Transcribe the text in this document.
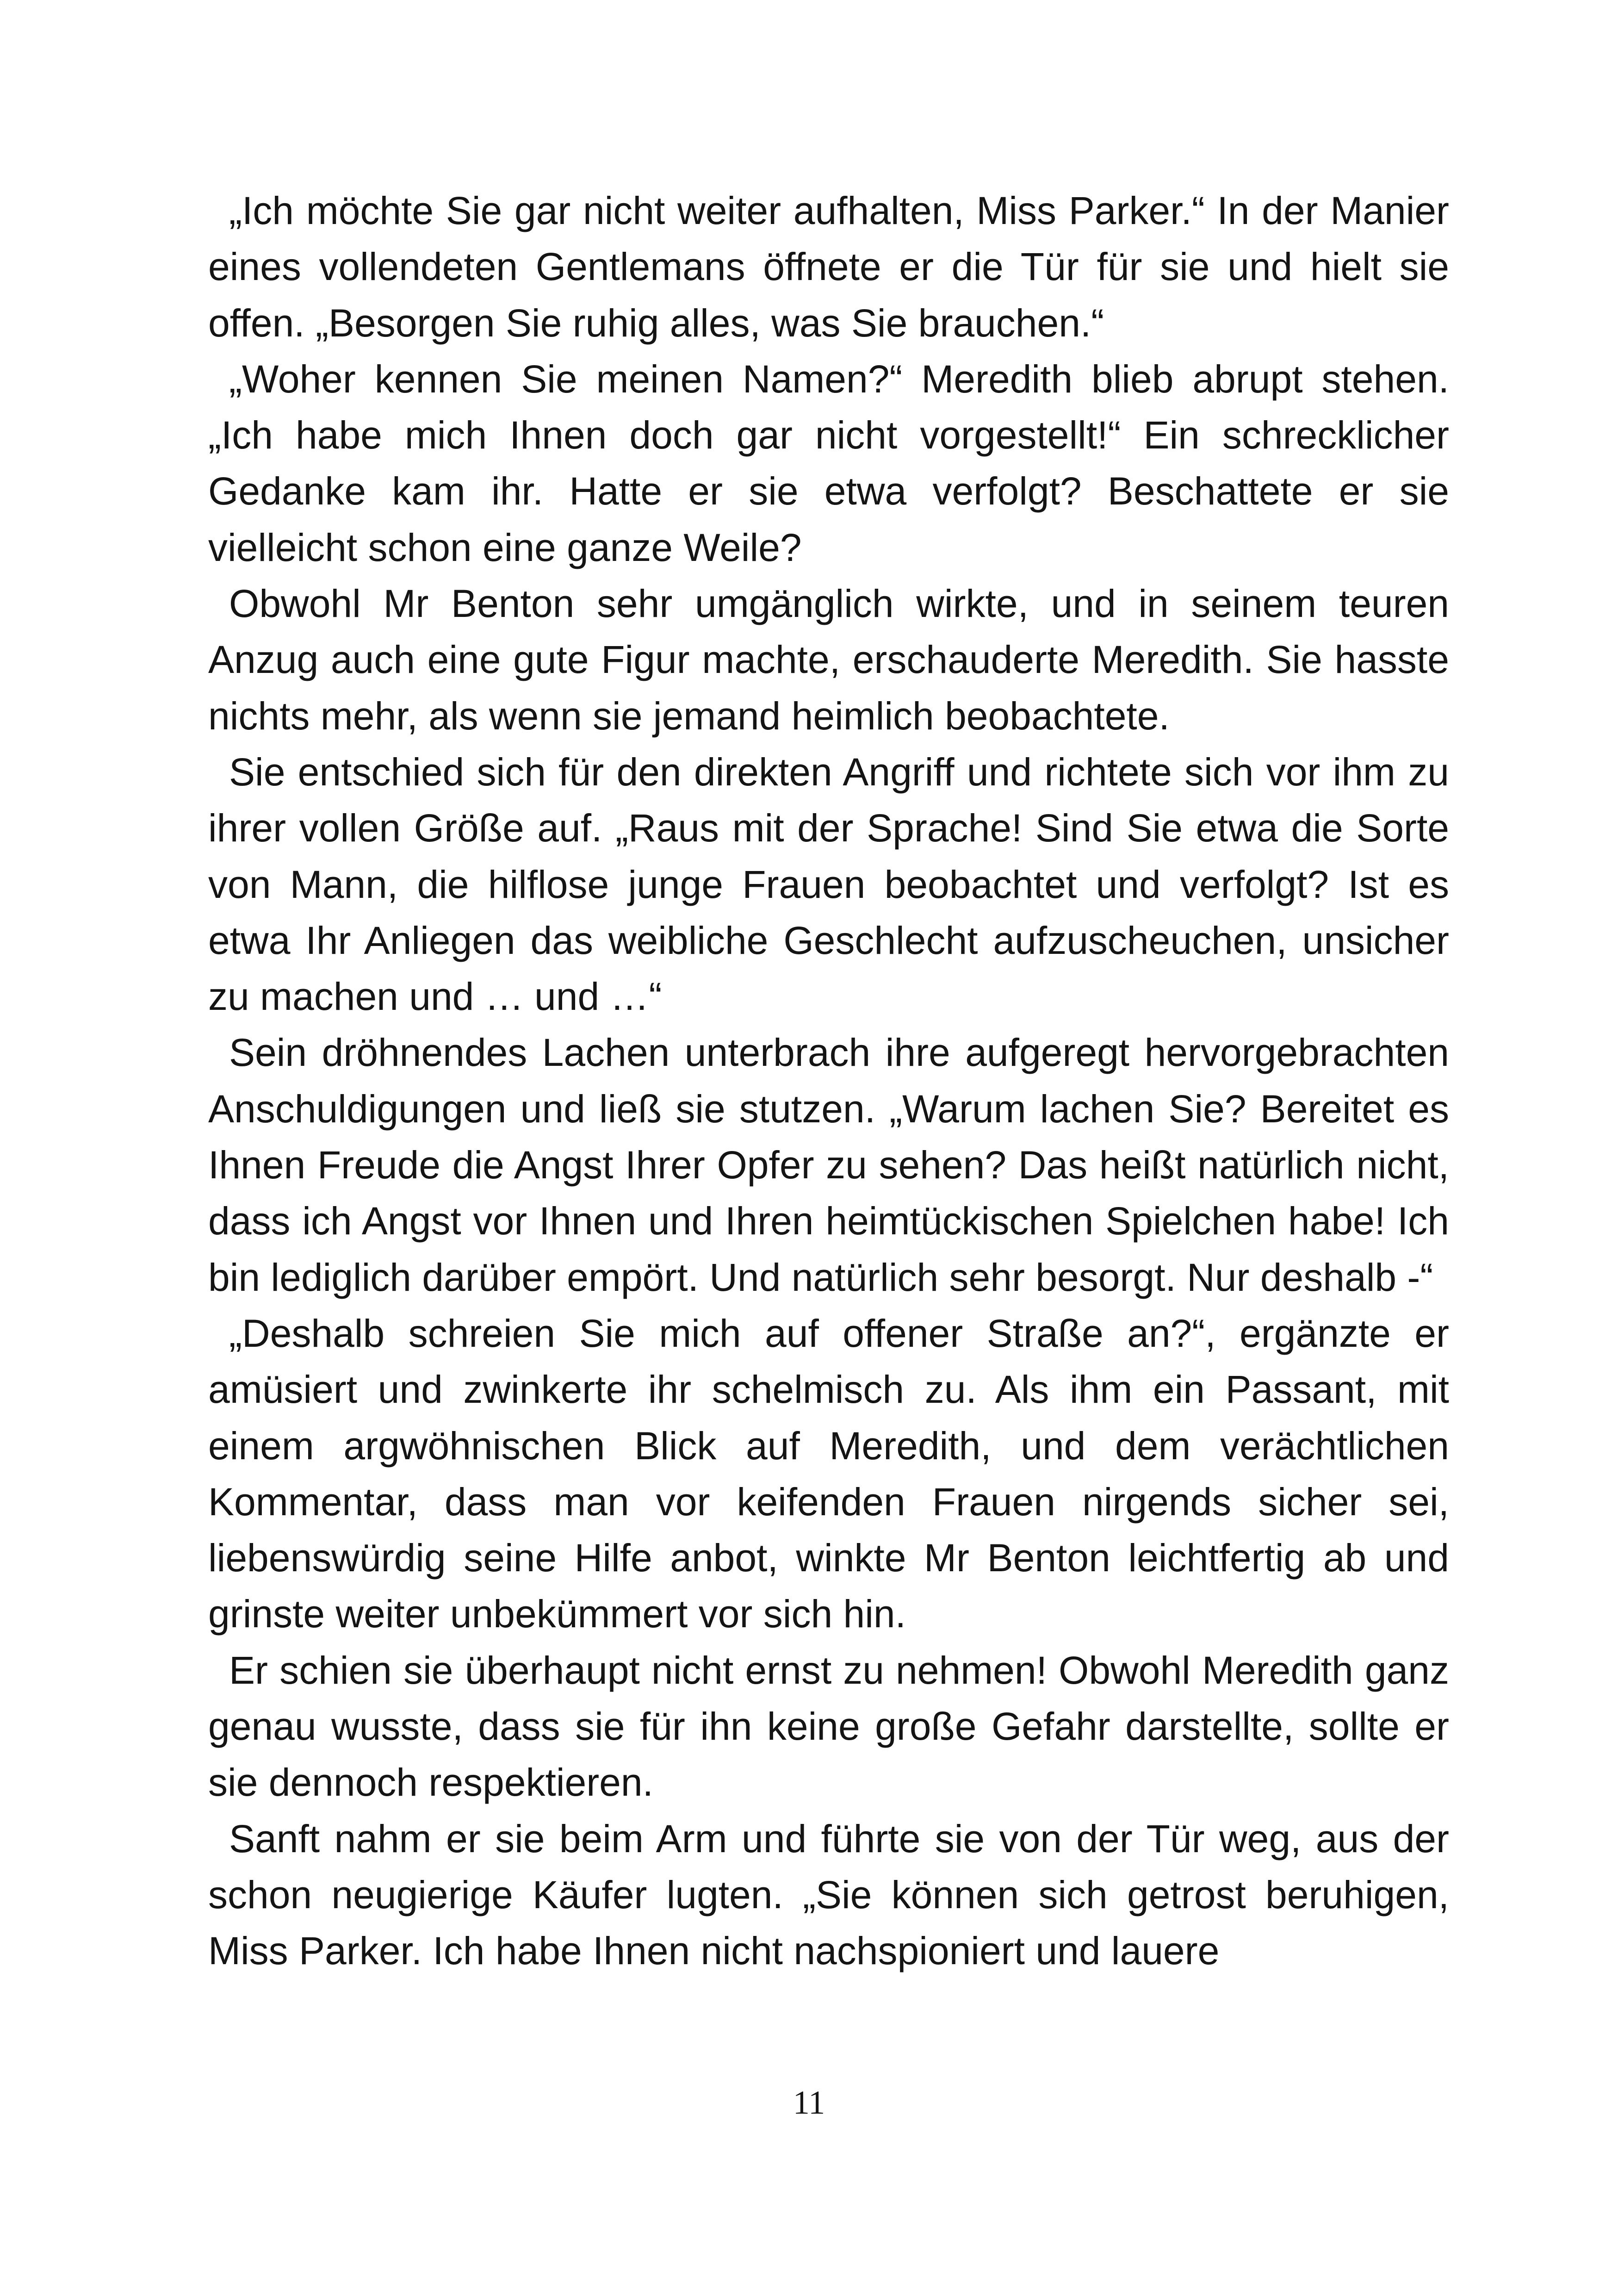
„Ich möchte Sie gar nicht weiter aufhalten, Miss Parker.“ In der Manier eines vollendeten Gentlemans öffnete er die Tür für sie und hielt sie offen. „Besorgen Sie ruhig alles, was Sie brauchen.“

„Woher kennen Sie meinen Namen?“ Meredith blieb abrupt stehen. „Ich habe mich Ihnen doch gar nicht vorgestellt!“ Ein schrecklicher Gedanke kam ihr. Hatte er sie etwa verfolgt? Beschattete er sie vielleicht schon eine ganze Weile?

Obwohl Mr Benton sehr umgänglich wirkte, und in seinem teuren Anzug auch eine gute Figur machte, erschauderte Meredith. Sie hasste nichts mehr, als wenn sie jemand heimlich beobachtete.

Sie entschied sich für den direkten Angriff und richtete sich vor ihm zu ihrer vollen Größe auf. „Raus mit der Sprache! Sind Sie etwa die Sorte von Mann, die hilflose junge Frauen beobachtet und verfolgt? Ist es etwa Ihr Anliegen das weibliche Geschlecht aufzuscheuchen, unsicher zu machen und … und …“

Sein dröhnendes Lachen unterbrach ihre aufgeregt hervorgebrachten Anschuldigungen und ließ sie stutzen. „Warum lachen Sie? Bereitet es Ihnen Freude die Angst Ihrer Opfer zu sehen? Das heißt natürlich nicht, dass ich Angst vor Ihnen und Ihren heimtückischen Spielchen habe! Ich bin lediglich darüber empört. Und natürlich sehr besorgt. Nur deshalb -“

„Deshalb schreien Sie mich auf offener Straße an?“, ergänzte er amüsiert und zwinkerte ihr schelmisch zu. Als ihm ein Passant, mit einem argwöhnischen Blick auf Meredith, und dem verächtlichen Kommentar, dass man vor keifenden Frauen nirgends sicher sei, liebenswürdig seine Hilfe anbot, winkte Mr Benton leichtfertig ab und grinste weiter unbekümmert vor sich hin.

Er schien sie überhaupt nicht ernst zu nehmen! Obwohl Meredith ganz genau wusste, dass sie für ihn keine große Gefahr darstellte, sollte er sie dennoch respektieren.

Sanft nahm er sie beim Arm und führte sie von der Tür weg, aus der schon neugierige Käufer lugten. „Sie können sich getrost beruhigen, Miss Parker. Ich habe Ihnen nicht nachspioniert und lauere

11
